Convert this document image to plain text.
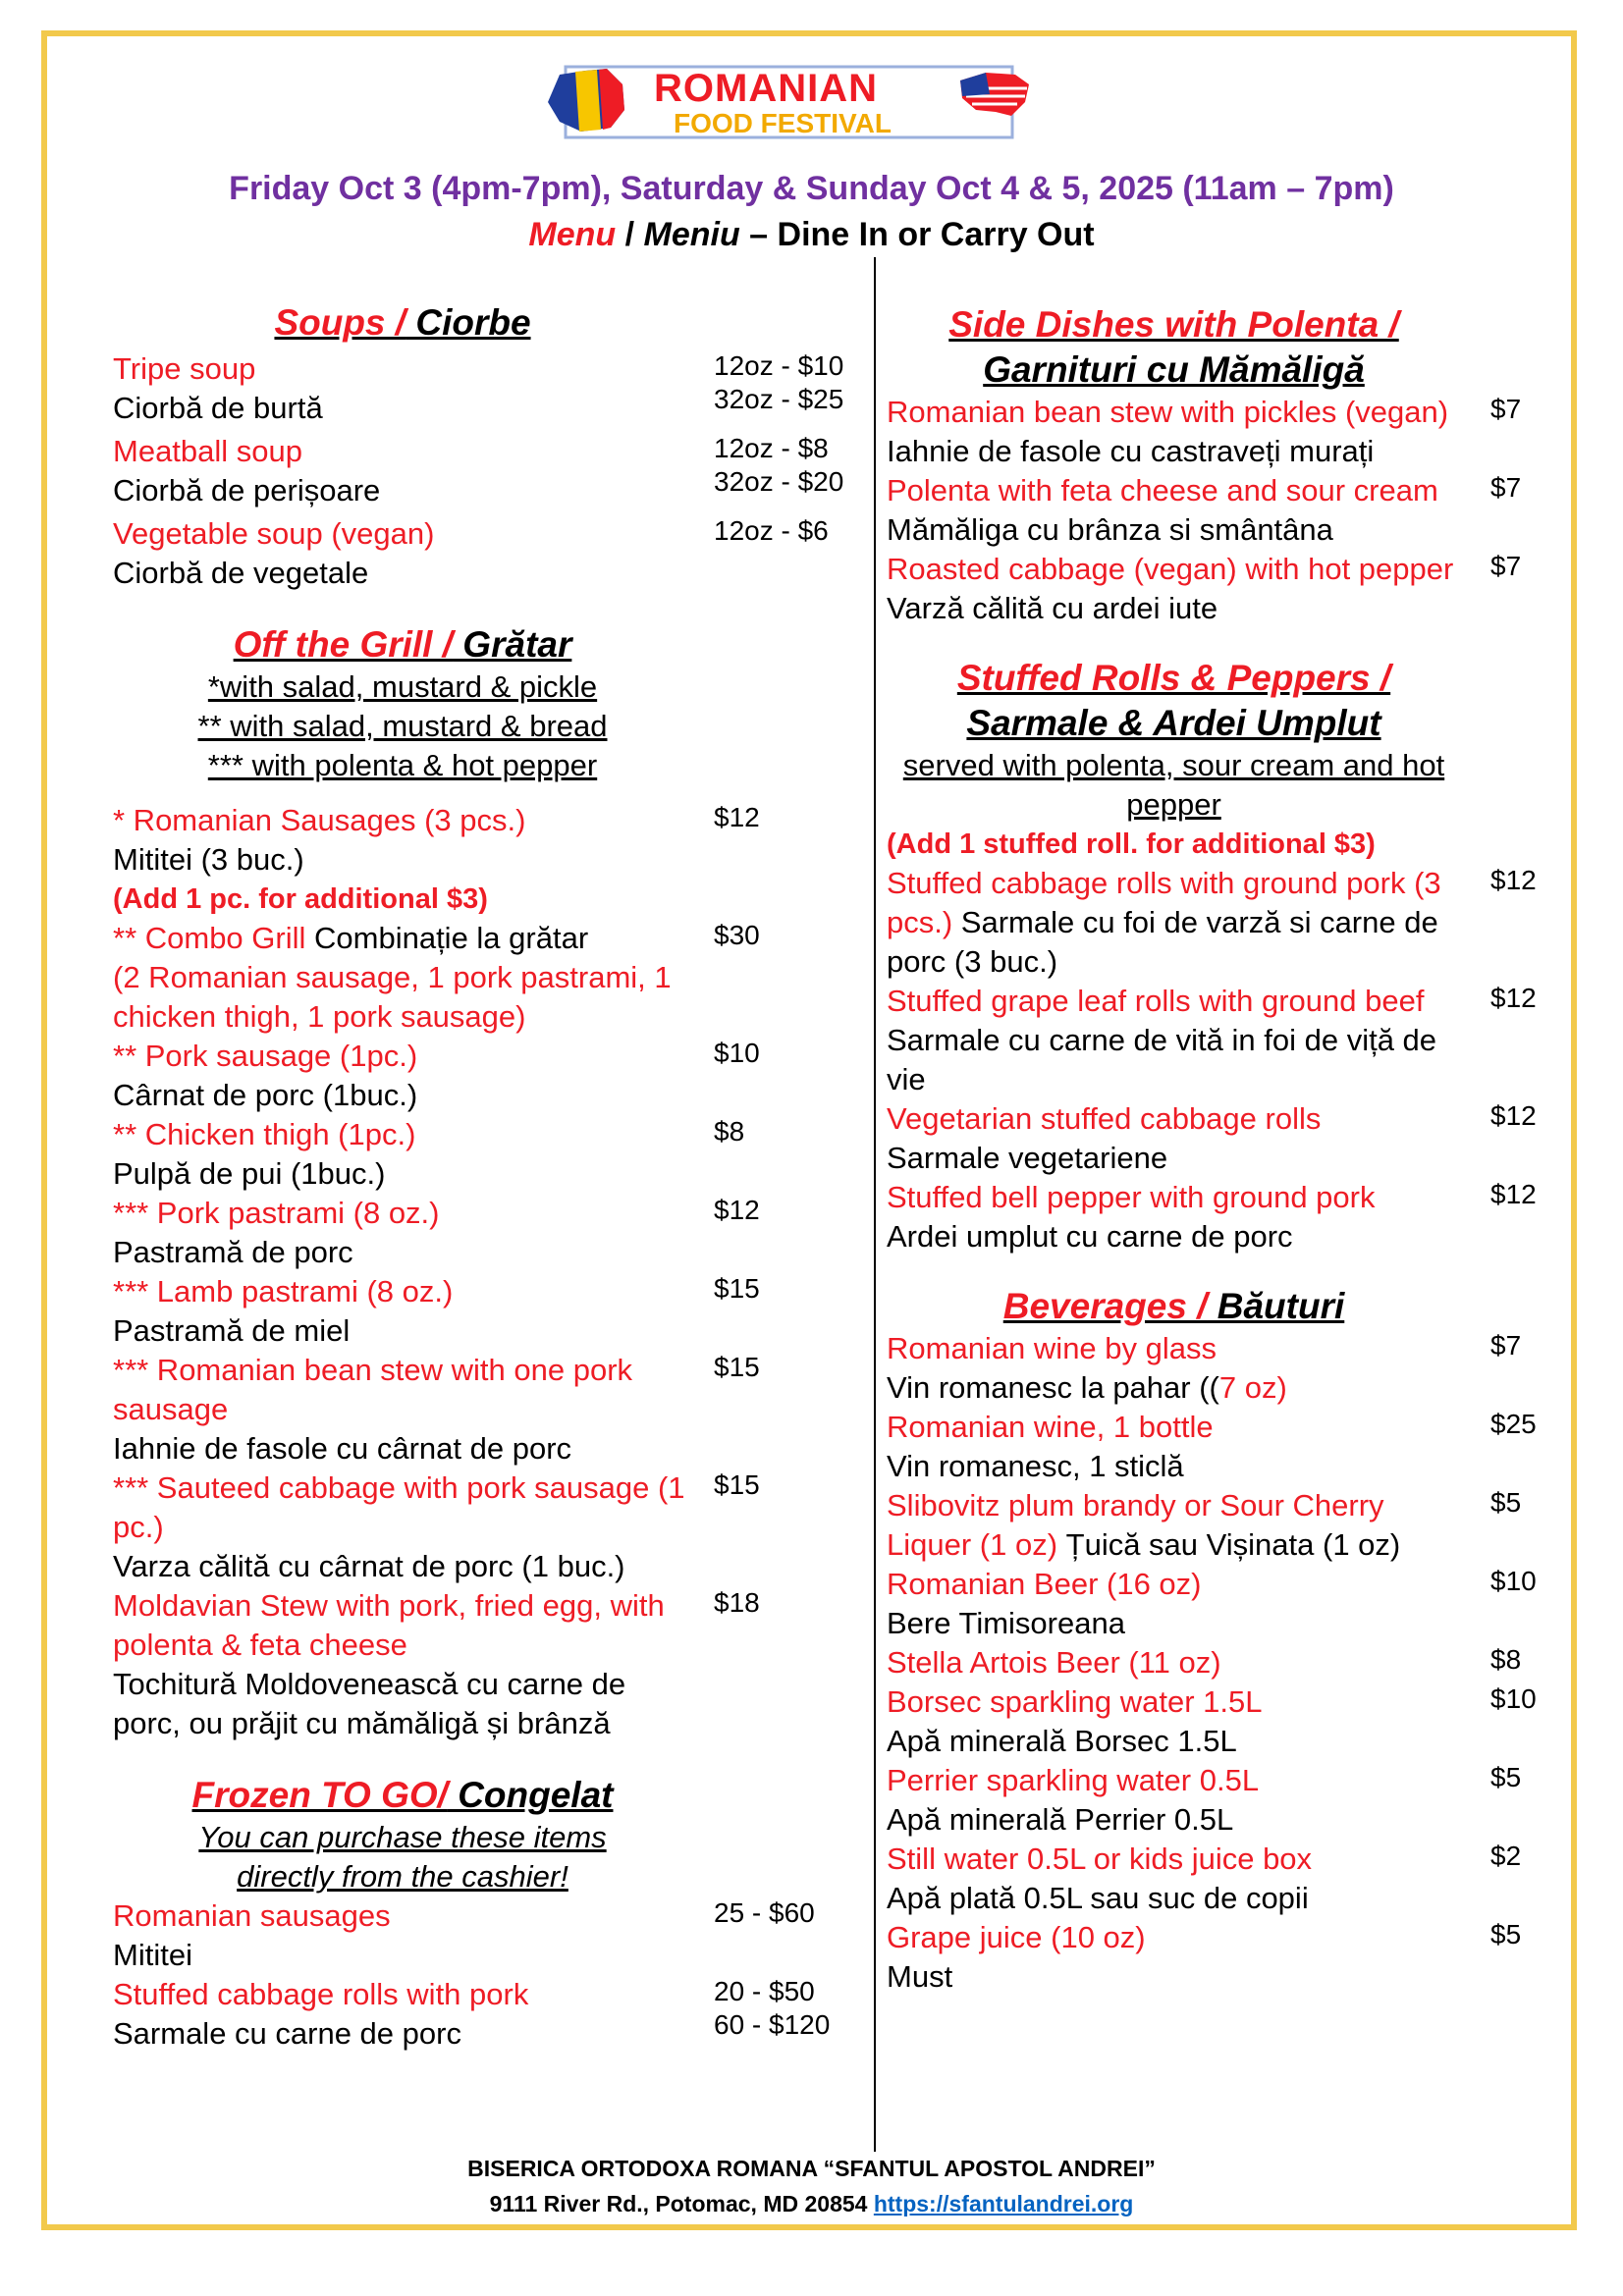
ROMANIAN
FOOD FESTIVAL
Friday Oct 3 (4pm-7pm), Saturday & Sunday Oct 4 & 5, 2025 (11am – 7pm)
Menu / Meniu – Dine In or Carry Out
Soups / Ciorbe
Tripe soup
Ciorbă de burtă
12oz - $10
32oz - $25
Meatball soup
Ciorbă de perișoare
12oz - $8
32oz - $20
Vegetable soup (vegan)
Ciorbă de vegetale
12oz - $6
Off the Grill / Grătar
*with salad, mustard & pickle
** with salad, mustard & bread
*** with polenta & hot pepper
* Romanian Sausages (3 pcs.)
Mititei (3 buc.)
$12
(Add 1 pc. for additional $3)
** Combo Grill Combinație la grătar
(2 Romanian sausage, 1 pork pastrami, 1 chicken thigh, 1 pork sausage)
$30
** Pork sausage (1pc.)
Cârnat de porc (1buc.)
$10
** Chicken thigh (1pc.)
Pulpă de pui (1buc.)
$8
*** Pork pastrami (8 oz.)
Pastramă de porc
$12
*** Lamb pastrami (8 oz.)
Pastramă de miel
$15
*** Romanian bean stew with one pork sausage
Iahnie de fasole cu cârnat de porc
$15
*** Sauteed cabbage with pork sausage (1 pc.)
Varza călită cu cârnat de porc (1 buc.)
$15
Moldavian Stew with pork, fried egg, with polenta & feta cheese
Tochitură Moldovenească cu carne de porc, ou prăjit cu mămăligă și brânză
$18
Frozen TO GO/ Congelat
You can purchase these items directly from the cashier!
Romanian sausages
Mititei
25 - $60
Stuffed cabbage rolls with pork
Sarmale cu carne de porc
20 - $50
60 - $120
Side Dishes with Polenta /
Garnituri cu Mămăligă
Romanian bean stew with pickles (vegan) Iahnie de fasole cu castraveți murați
$7
Polenta with feta cheese and sour cream Mămăliga cu brânza si smântâna
$7
Roasted cabbage (vegan) with hot pepper
Varză călită cu ardei iute
$7
Stuffed Rolls & Peppers /
Sarmale & Ardei Umplut
served with polenta, sour cream and hot pepper
(Add 1 stuffed roll. for additional $3)
Stuffed cabbage rolls with ground pork (3 pcs.) Sarmale cu foi de varză si carne de porc (3 buc.)
$12
Stuffed grape leaf rolls with ground beef Sarmale cu carne de vită in foi de viță de vie
$12
Vegetarian stuffed cabbage rolls
Sarmale vegetariene
$12
Stuffed bell pepper with ground pork
Ardei umplut cu carne de porc
$12
Beverages / Băuturi
Romanian wine by glass
Vin romanesc la pahar ((7 oz)
$7
Romanian wine, 1 bottle
Vin romanesc, 1 sticlă
$25
Slibovitz plum brandy or Sour Cherry Liquer (1 oz) Țuică sau Vișinata (1 oz)
$5
Romanian Beer (16 oz)
Bere Timisoreana
$10
Stella Artois Beer (11 oz)	$8
Borsec sparkling water 1.5L
Apă minerală Borsec 1.5L
$10
Perrier sparkling water 0.5L
Apă minerală Perrier 0.5L
$5
Still water 0.5L or kids juice box
Apă plată 0.5L sau suc de copii
$2
Grape juice (10 oz)
Must
$5
BISERICA ORTODOXA ROMANA “SFANTUL APOSTOL ANDREI”
9111 River Rd., Potomac, MD 20854 https://sfantulandrei.org
